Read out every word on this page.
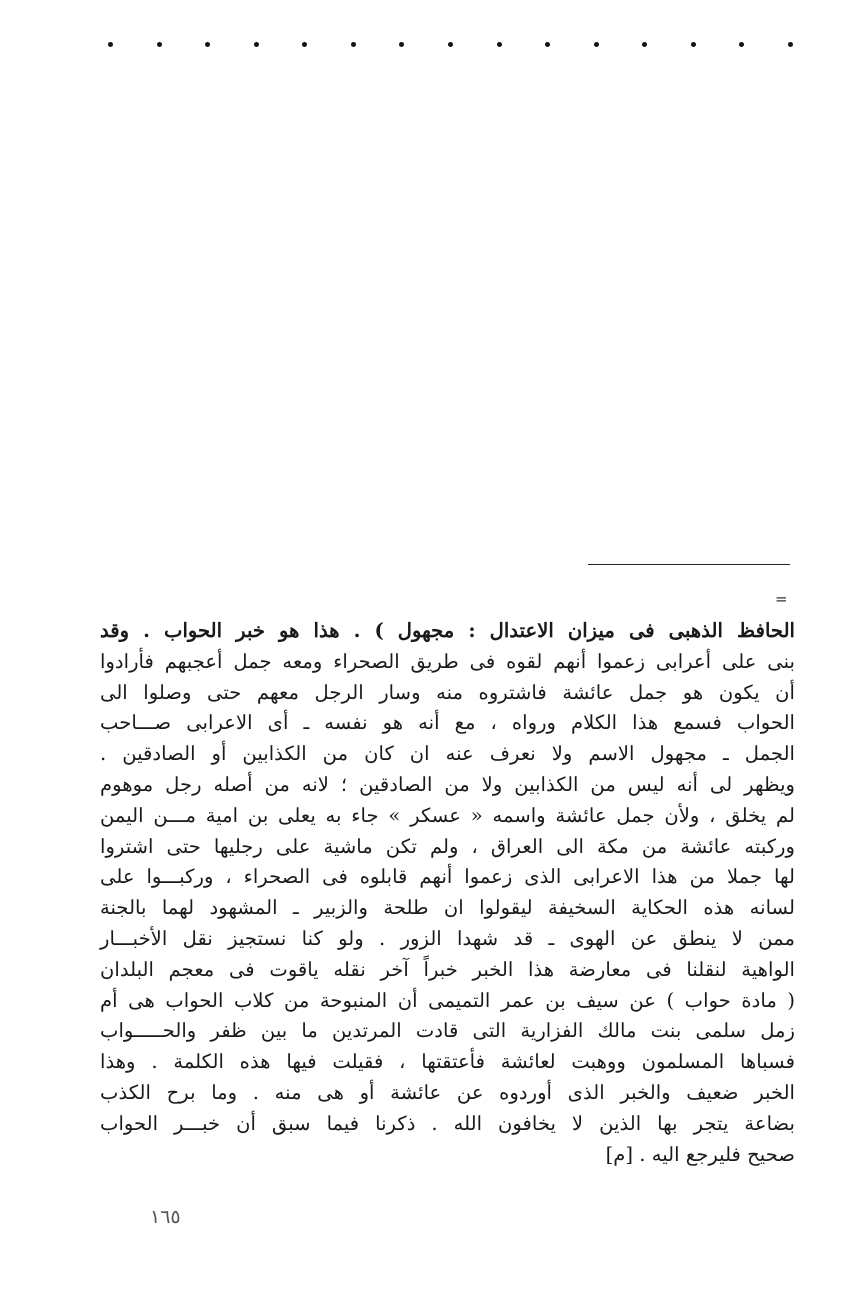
=
الحافظ الذهبى فى ميزان الاعتدال : مجهول ) . هذا هو خبر الحواب . وقد
بنى على أعرابى زعموا أنهم لقوه فى طريق الصحراء ومعه جمل أعجبهم فأرادوا
أن يكون هو جمل عائشة فاشتروه منه وسار الرجل معهم حتى وصلوا الى
الحواب فسمع هذا الكلام ورواه ، مع أنه هو نفسه ـ أى الاعرابى صـــاحب
الجمل ـ مجهول الاسم ولا نعرف عنه ان كان من الكذابين أو الصادقين .
ويظهر لى أنه ليس من الكذابين ولا من الصادقين ؛ لانه من أصله رجل موهوم
لم يخلق ، ولأن جمل عائشة واسمه « عسكر » جاء به يعلى بن امية مـــن اليمن
وركبته عائشة من مكة الى العراق ، ولم تكن ماشية على رجليها حتى اشتروا
لها جملا من هذا الاعرابى الذى زعموا أنهم قابلوه فى الصحراء ، وركبـــوا على
لسانه هذه الحكاية السخيفة ليقولوا ان طلحة والزبير ـ المشهود لهما بالجنة
ممن لا ينطق عن الهوى ـ قد شهدا الزور . ولو كنا نستجيز نقل الأخبـــار
الواهية لنقلنا فى معارضة هذا الخبر خبراً آخر نقله ياقوت فى معجم البلدان
( مادة حواب ) عن سيف بن عمر التميمى أن المنبوحة من كلاب الحواب هى أم
زمل سلمى بنت مالك الفزارية التى قادت المرتدين ما بين ظفر والحـــــواب
فسباها المسلمون ووهبت لعائشة فأعتقتها ، فقيلت فيها هذه الكلمة . وهذا
الخبر ضعيف والخبر الذى أوردوه عن عائشة أو هى منه . وما برح الكذب
بضاعة يتجر بها الذين لا يخافون الله . ذكرنا فيما سبق أن خبـــر الحواب
صحيح فليرجع اليه . [م]
١٦٥
